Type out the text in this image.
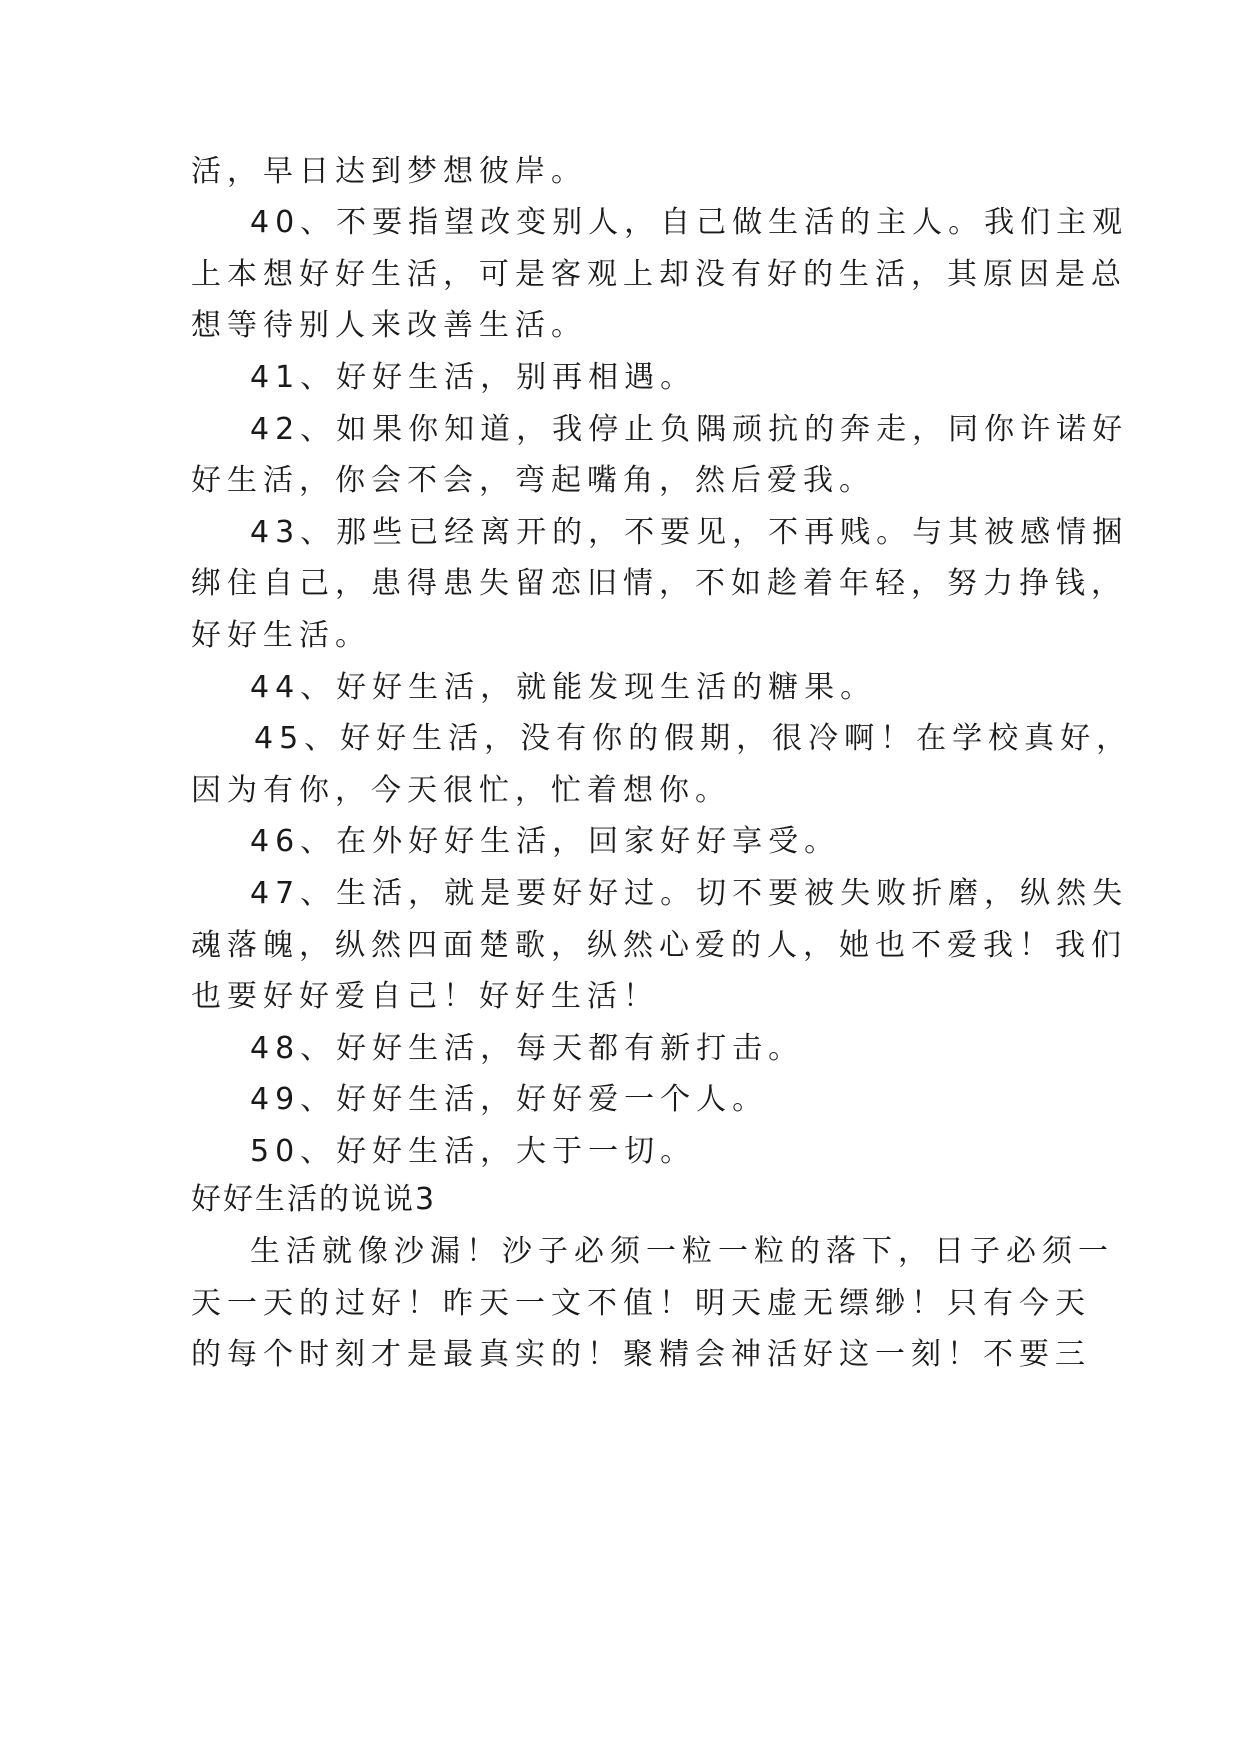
活，早日达到梦想彼岸。

40、不要指望改变别人，自己做生活的主人。我们主观

上本想好好生活，可是客观上却没有好的生活，其原因是总

想等待别人来改善生活。

41、好好生活，别再相遇。

42、如果你知道，我停止负隅顽抗的奔走，同你许诺好

好生活，你会不会，弯起嘴角，然后爱我。

43、那些已经离开的，不要见，不再贱。与其被感情捆

绑住自己，患得患失留恋旧情，不如趁着年轻，努力挣钱，

好好生活。

44、好好生活，就能发现生活的糖果。

45、好好生活，没有你的假期，很冷啊！在学校真好，

因为有你，今天很忙，忙着想你。

46、在外好好生活，回家好好享受。

47、生活，就是要好好过。切不要被失败折磨，纵然失

魂落魄，纵然四面楚歌，纵然心爱的人，她也不爱我！我们

也要好好爱自己！好好生活！

48、好好生活，每天都有新打击。

49、好好生活，好好爱一个人。

50、好好生活，大于一切。

好好生活的说说3

生活就像沙漏！沙子必须一粒一粒的落下，日子必须一

天一天的过好！昨天一文不值！明天虚无缥缈！只有今天

的每个时刻才是最真实的！聚精会神活好这一刻！不要三
